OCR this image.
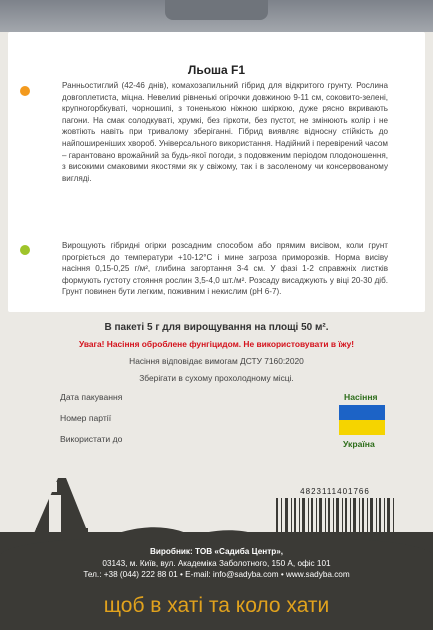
Льоша F1
Ранньостиглий (42-46 днів), комахозапильний гібрид для відкритого грунту. Рослина довгоплетиста, міцна. Невеликі рівненькі огірочки довжиною 9-11 см, соковито-зелені, крупногорбкуваті, чорношипі, з тоненькою ніжною шкіркою, дуже рясно вкривають пагони. На смак солодкуваті, хрумкі, без гіркоти, без пустот, не змінюють колір і не жовтіють навіть при тривалому зберіганні. Гібрид виявляє відносну стійкість до найпоширеніших хвороб. Універсального використання. Надійний і перевірений часом – гарантовано врожайний за будь-якої погоди, з подовженим періодом плодоношення, з високими смаковими якостями як у свіжому, так і в засоленому чи консервованому вигляді.
Вирощують гібридні огірки розсадним способом або прямим висівом, коли грунт прогріється до температури +10-12°С і мине загроза приморозків. Норма висіву насіння 0,15-0,25 г/м², глибина загортання 3-4 см. У фазі 1-2 справжніх листків формують густоту стояння рослин 3,5-4,0 шт./м². Розсаду висаджують у віці 20-30 діб. Грунт повинен бути легким, поживним і некислим (рН 6-7).
В пакеті 5 г для вирощування на площі 50 м².
Увага! Насіння оброблене фунгіцидом. Не використовувати в їжу!
Насіння відповідає вимогам ДСТУ 7160:2020
Зберігати в сухому прохолодному місці.
Дата пакування
Номер партії
Використати до
Насіння
Україна
4823111401766
Виробник: ТОВ «Садиба Центр»,
03143, м. Київ, вул. Академіка Заболотного, 150 А, офіс 101
Тел.: +38 (044) 222 88 01 • E-mail: info@sadyba.com • www.sadyba.com
щоб в хаті та коло хати
